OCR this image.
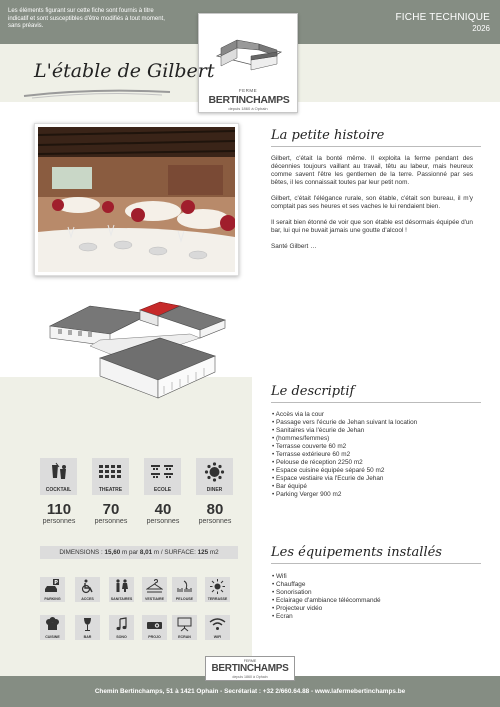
Les éléments figurant sur cette fiche sont fournis à titre indicatif et sont susceptibles d'être modifiés à tout moment, sans préavis.
FICHE TECHNIQUE
2026
FERME
BERTINCHAMPS
depuis 1860 à Ophain
L'étable de Gilbert
La petite histoire

Gilbert, c'était la bonté même. Il exploita la ferme pendant des décennies toujours vaillant au travail, têtu au labeur, mais heureux comme savent l'être les gentlemen de la terre. Passionné par ses bêtes, il les connaissait toutes par leur petit nom.

Gilbert, c'était l'élégance rurale, son étable, c'était son bureau, il m'y comptait pas ses heures et ses vaches le lui rendaient bien.

Il serait bien étonné de voir que son étable est désormais équipée d'un bar, lui qui ne buvait jamais une goutte d'alcool !

Santé Gilbert …

Le descriptif
• Accès via la cour
• Passage vers l'écurie de Jehan suivant la location
• Sanitaires via l'écurie de Jehan
• (hommes/femmes)
• Terrasse couverte 60 m2
• Terrasse extérieure 60 m2
• Pelouse de réception 2250 m2
• Espace cuisine équipée séparé 50 m2
• Espace vestiaire via l'Ecurie de Jehan
• Bar équipé
• Parking Verger 900 m2
COCKTAIL	THEATRE	ECOLE	DINER
110	70	40	80
personnes	personnes	personnes	personnes
DIMENSIONS : 15,60 m par 8,01 m / SURFACE: 125 m2
P
PARKING	ACCES	SANITAIRES	VESTIAIRE	PELOUSE	TERRASSE
CUISINE	BAR	SONO	PROJO	ECRAN	WIFI
Les équipements installés
• Wifi
• Chauffage
• Sonorisation
• Eclairage d'ambiance télécommandé
• Projecteur vidéo
• Ecran
Chemin Bertinchamps, 51 à 1421 Ophain - Secrétariat : +32 2/660.64.88 - www.lafermebertinchamps.be
FERME
BERTINCHAMPS
depuis 1860 à Ophain
